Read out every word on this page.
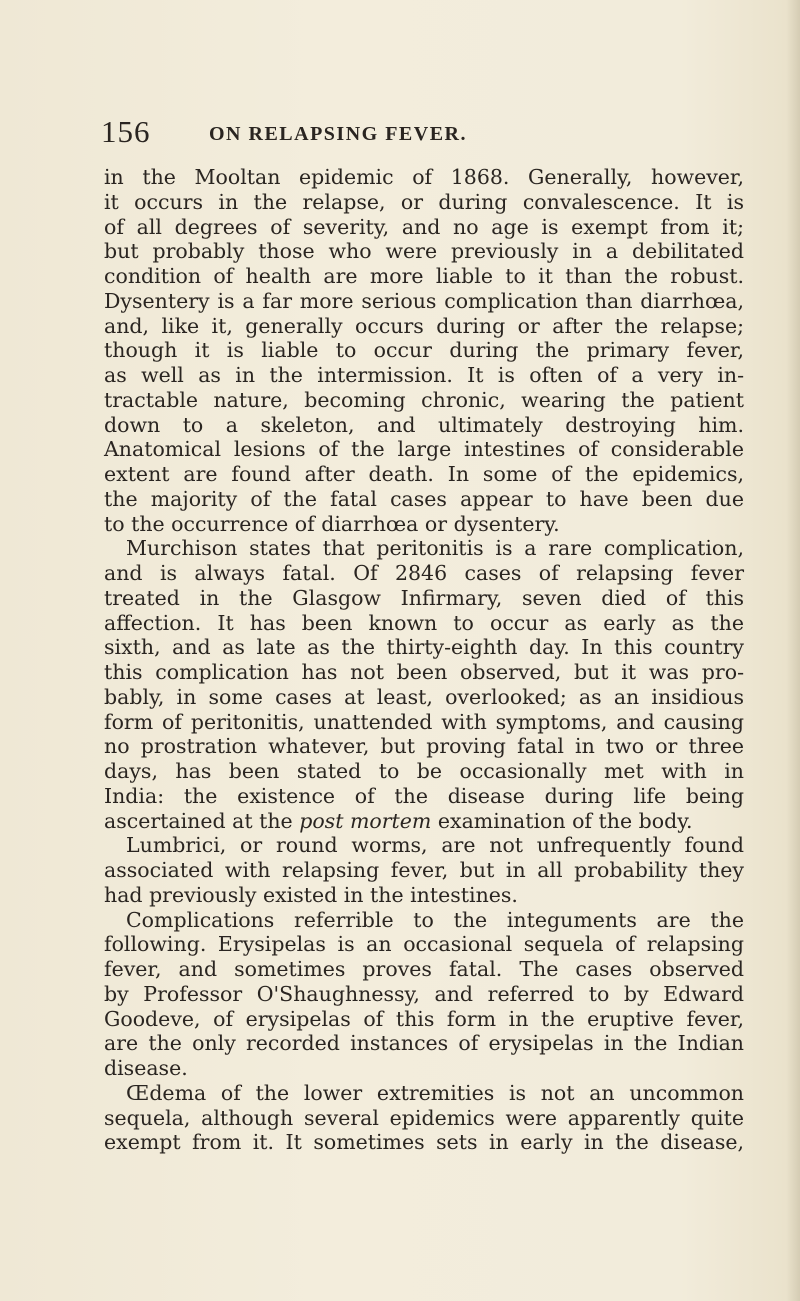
156	ON RELAPSING FEVER.
in the Mooltan epidemic of 1868. Generally, however,
it occurs in the relapse, or during convalescence. It is
of all degrees of severity, and no age is exempt from it;
but probably those who were previously in a debilitated
condition of health are more liable to it than the robust.
Dysentery is a far more serious complication than diarrhœa,
and, like it, generally occurs during or after the relapse;
though it is liable to occur during the primary fever,
as well as in the intermission. It is often of a very in-
tractable nature, becoming chronic, wearing the patient
down to a skeleton, and ultimately destroying him.
Anatomical lesions of the large intestines of considerable
extent are found after death. In some of the epidemics,
the majority of the fatal cases appear to have been due
to the occurrence of diarrhœa or dysentery.
Murchison states that peritonitis is a rare complication,
and is always fatal. Of 2846 cases of relapsing fever
treated in the Glasgow Infirmary, seven died of this
affection. It has been known to occur as early as the
sixth, and as late as the thirty-eighth day. In this country
this complication has not been observed, but it was pro-
bably, in some cases at least, overlooked; as an insidious
form of peritonitis, unattended with symptoms, and causing
no prostration whatever, but proving fatal in two or three
days, has been stated to be occasionally met with in
India: the existence of the disease during life being
ascertained at the post mortem examination of the body.
Lumbrici, or round worms, are not unfrequently found
associated with relapsing fever, but in all probability they
had previously existed in the intestines.
Complications referrible to the integuments are the
following. Erysipelas is an occasional sequela of relapsing
fever, and sometimes proves fatal. The cases observed
by Professor O'Shaughnessy, and referred to by Edward
Goodeve, of erysipelas of this form in the eruptive fever,
are the only recorded instances of erysipelas in the Indian
disease.
Œdema of the lower extremities is not an uncommon
sequela, although several epidemics were apparently quite
exempt from it. It sometimes sets in early in the disease,
